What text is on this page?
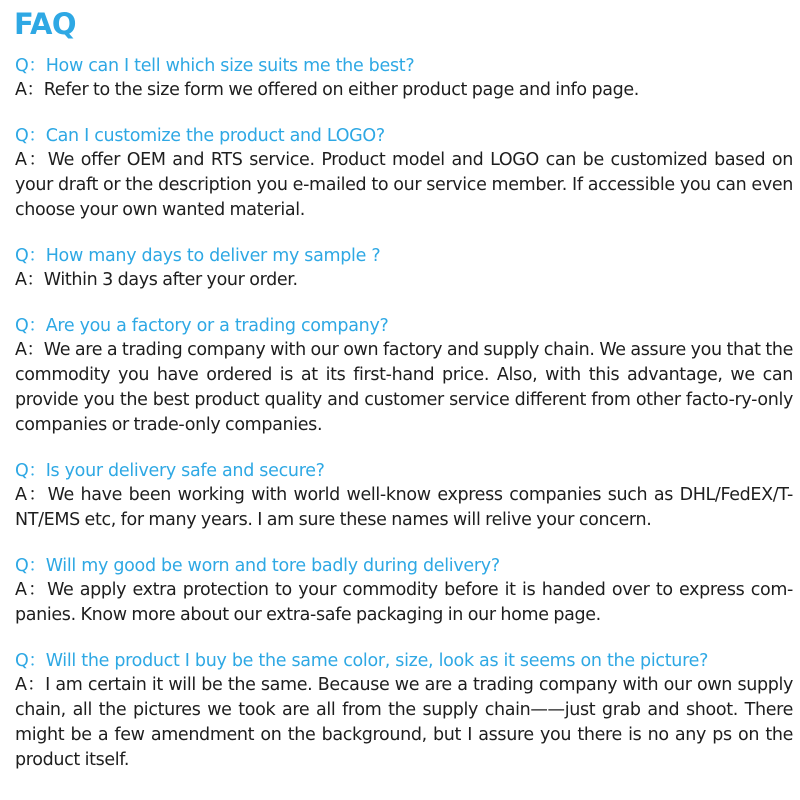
FAQ
Q：How can I tell which size suits me the best?
A：Refer to the size form we offered on either product page and info page.
Q：Can I customize the product and LOGO?
A：We offer OEM and RTS service. Product model and LOGO can be customized based on your draft or the description you e-mailed to our service member. If accessible you can even choose your own wanted material.
Q：How many days to deliver my sample ?
A：Within 3 days after your order.
Q：Are you a factory or a trading company?
A：We are a trading company with our own factory and supply chain. We assure you that the commodity you have ordered is at its first-hand price. Also, with this advantage, we can provide you the best product quality and customer service different from other facto-ry-only companies or trade-only companies.
Q：Is your delivery safe and secure?
A：We have been working with world well-know express companies such as DHL/FedEX/T-NT/EMS etc, for many years. I am sure these names will relive your concern.
Q：Will my good be worn and tore badly during delivery?
A：We apply extra protection to your commodity before it is handed over to express com-panies. Know more about our extra-safe packaging in our home page.
Q：Will the product I buy be the same color, size, look as it seems on the picture?
A：I am certain it will be the same. Because we are a trading company with our own supply chain, all the pictures we took are all from the supply chain——just grab and shoot. There might be a few amendment on the background, but I assure you there is no any ps on the product itself.
